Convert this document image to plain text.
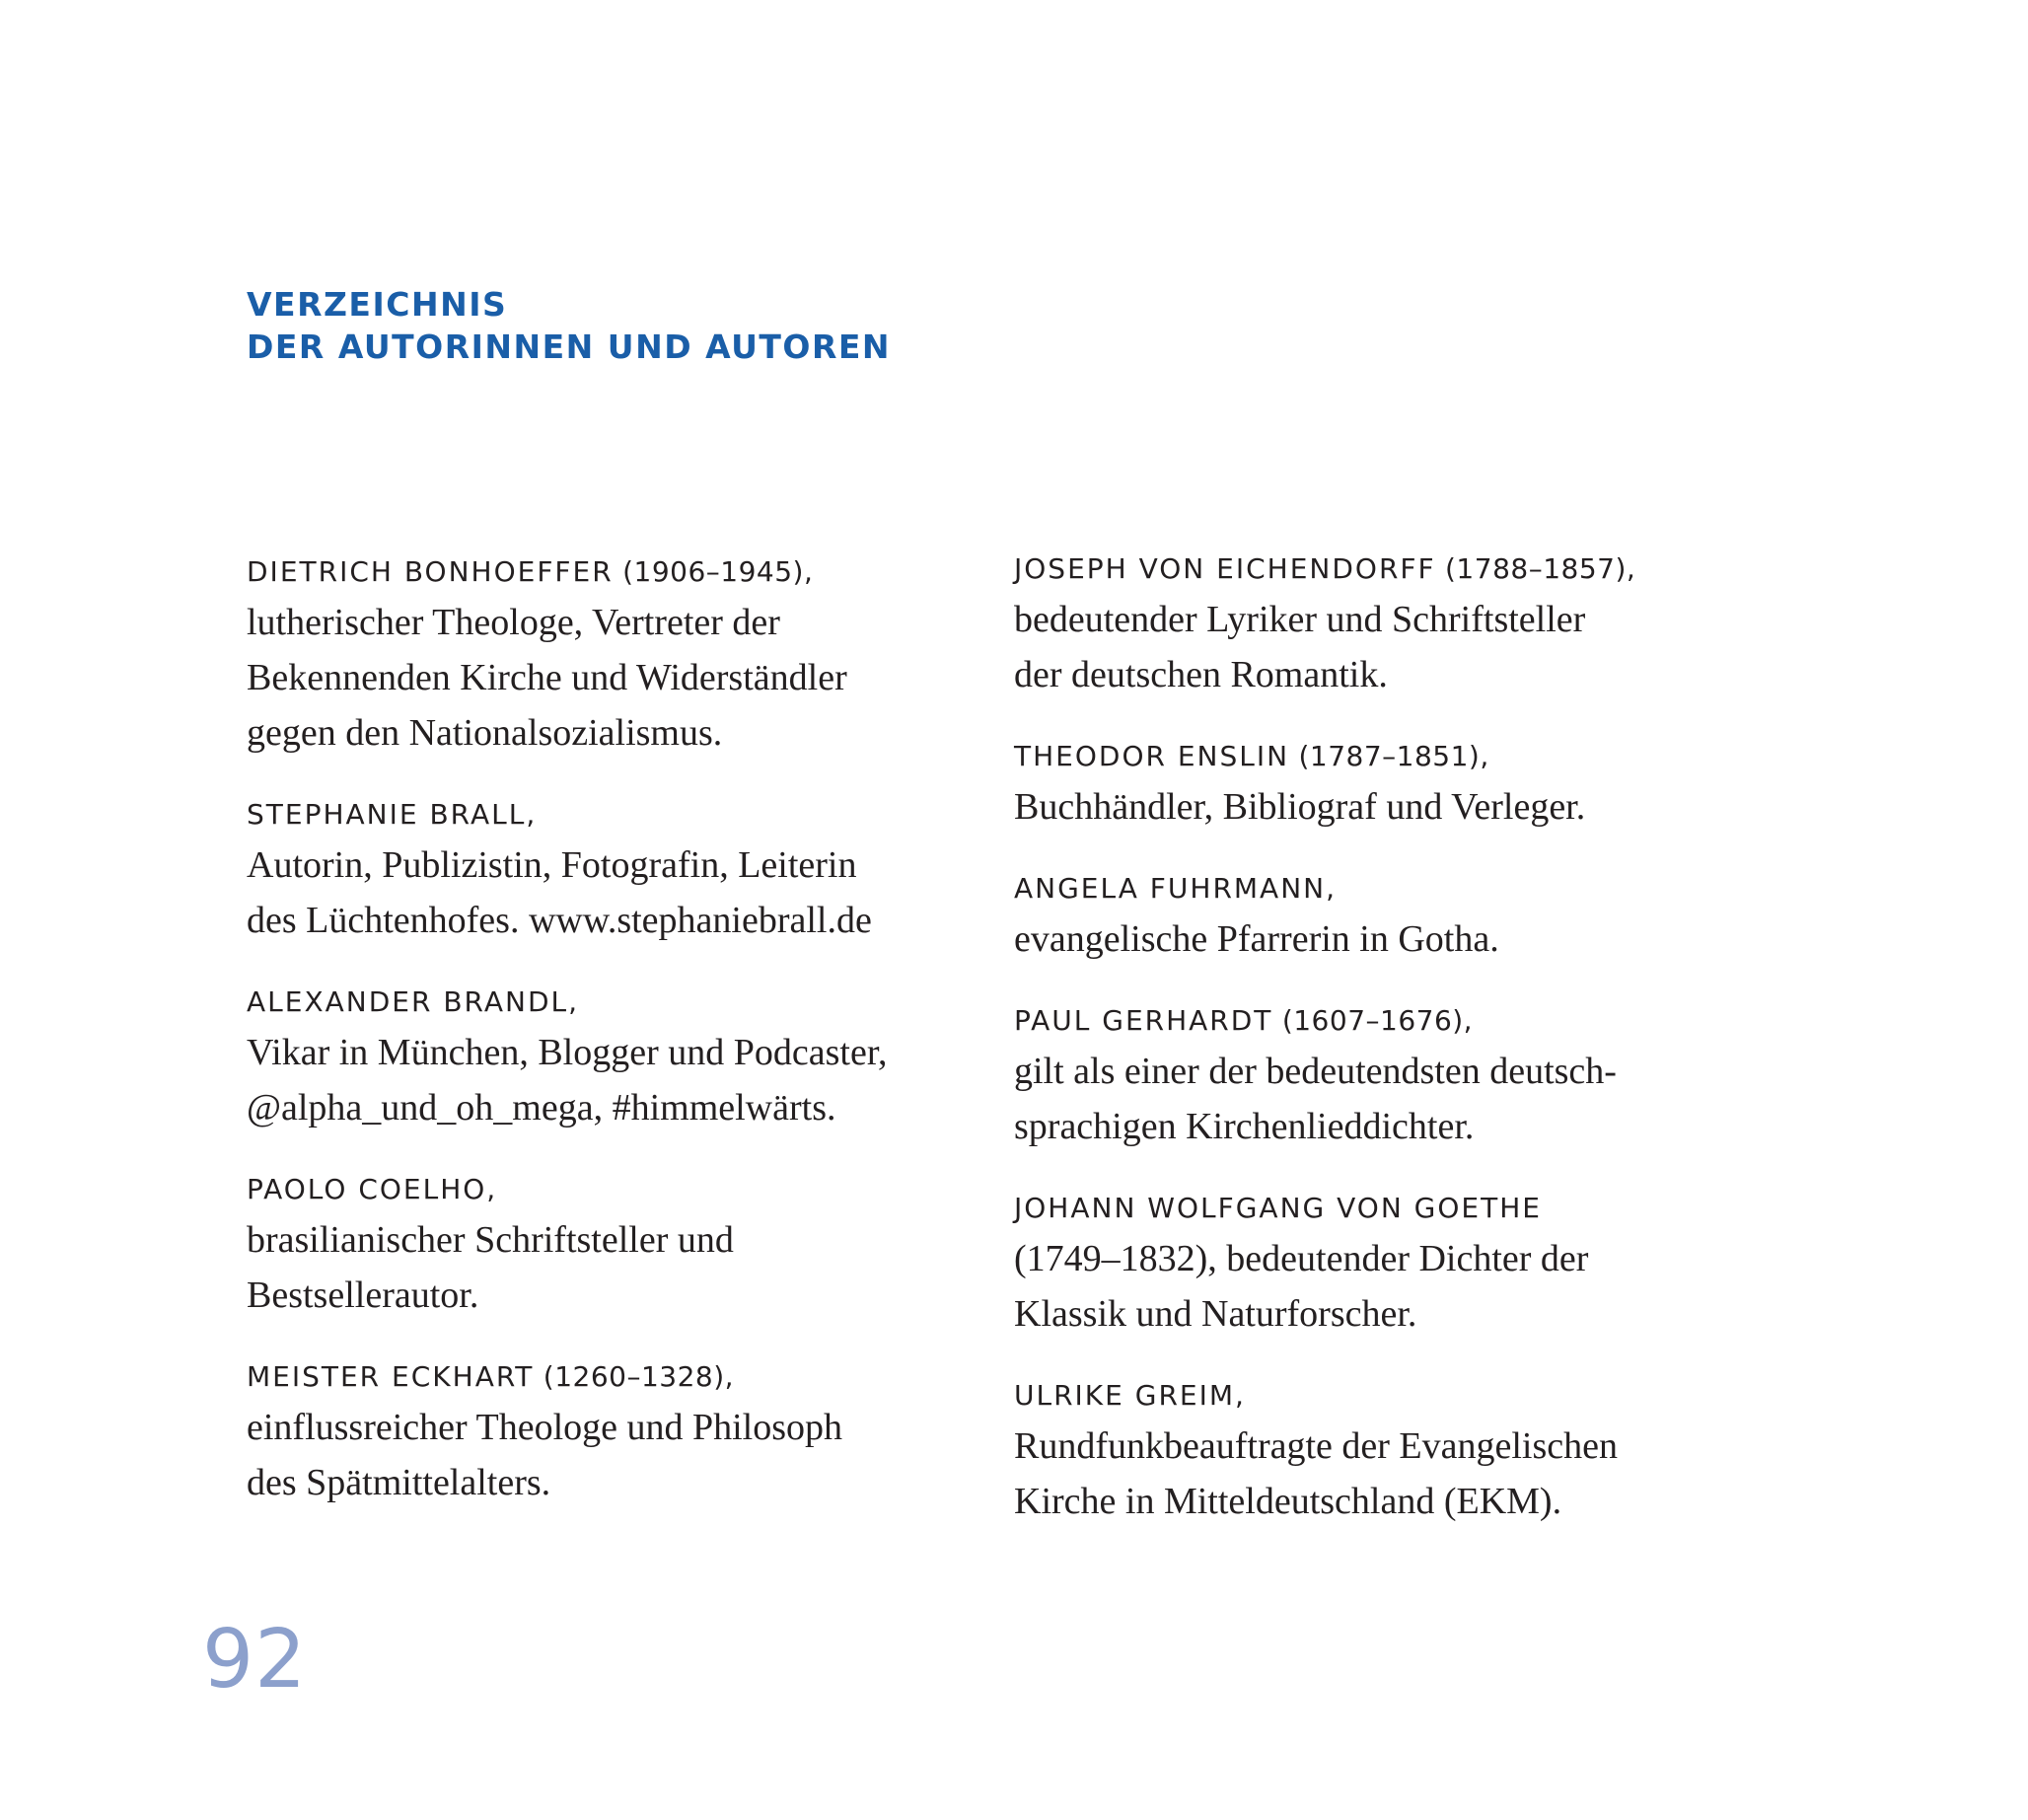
VERZEICHNIS
DER AUTORINNEN UND AUTOREN
DIETRICH BONHOEFFER (1906–1945),
lutherischer Theologe, Vertreter der
Bekennenden Kirche und Widerständler
gegen den Nationalsozialismus.
STEPHANIE BRALL,
Autorin, Publizistin, Fotografin, Leiterin
des Lüchtenhofes. www.stephaniebrall.de
ALEXANDER BRANDL,
Vikar in München, Blogger und Podcaster,
@alpha_und_oh_mega, #himmelwärts.
PAOLO COELHO,
brasilianischer Schriftsteller und
Bestsellerautor.
MEISTER ECKHART (1260–1328),
einflussreicher Theologe und Philosoph
des Spätmittelalters.
JOSEPH VON EICHENDORFF (1788–1857),
bedeutender Lyriker und Schriftsteller
der deutschen Romantik.
THEODOR ENSLIN (1787–1851),
Buchhändler, Bibliograf und Verleger.
ANGELA FUHRMANN,
evangelische Pfarrerin in Gotha.
PAUL GERHARDT (1607–1676),
gilt als einer der bedeutendsten deutsch-
sprachigen Kirchenlieddichter.
JOHANN WOLFGANG VON GOETHE
(1749–1832), bedeutender Dichter der
Klassik und Naturforscher.
ULRIKE GREIM,
Rundfunkbeauftragte der Evangelischen
Kirche in Mitteldeutschland (EKM).
92
